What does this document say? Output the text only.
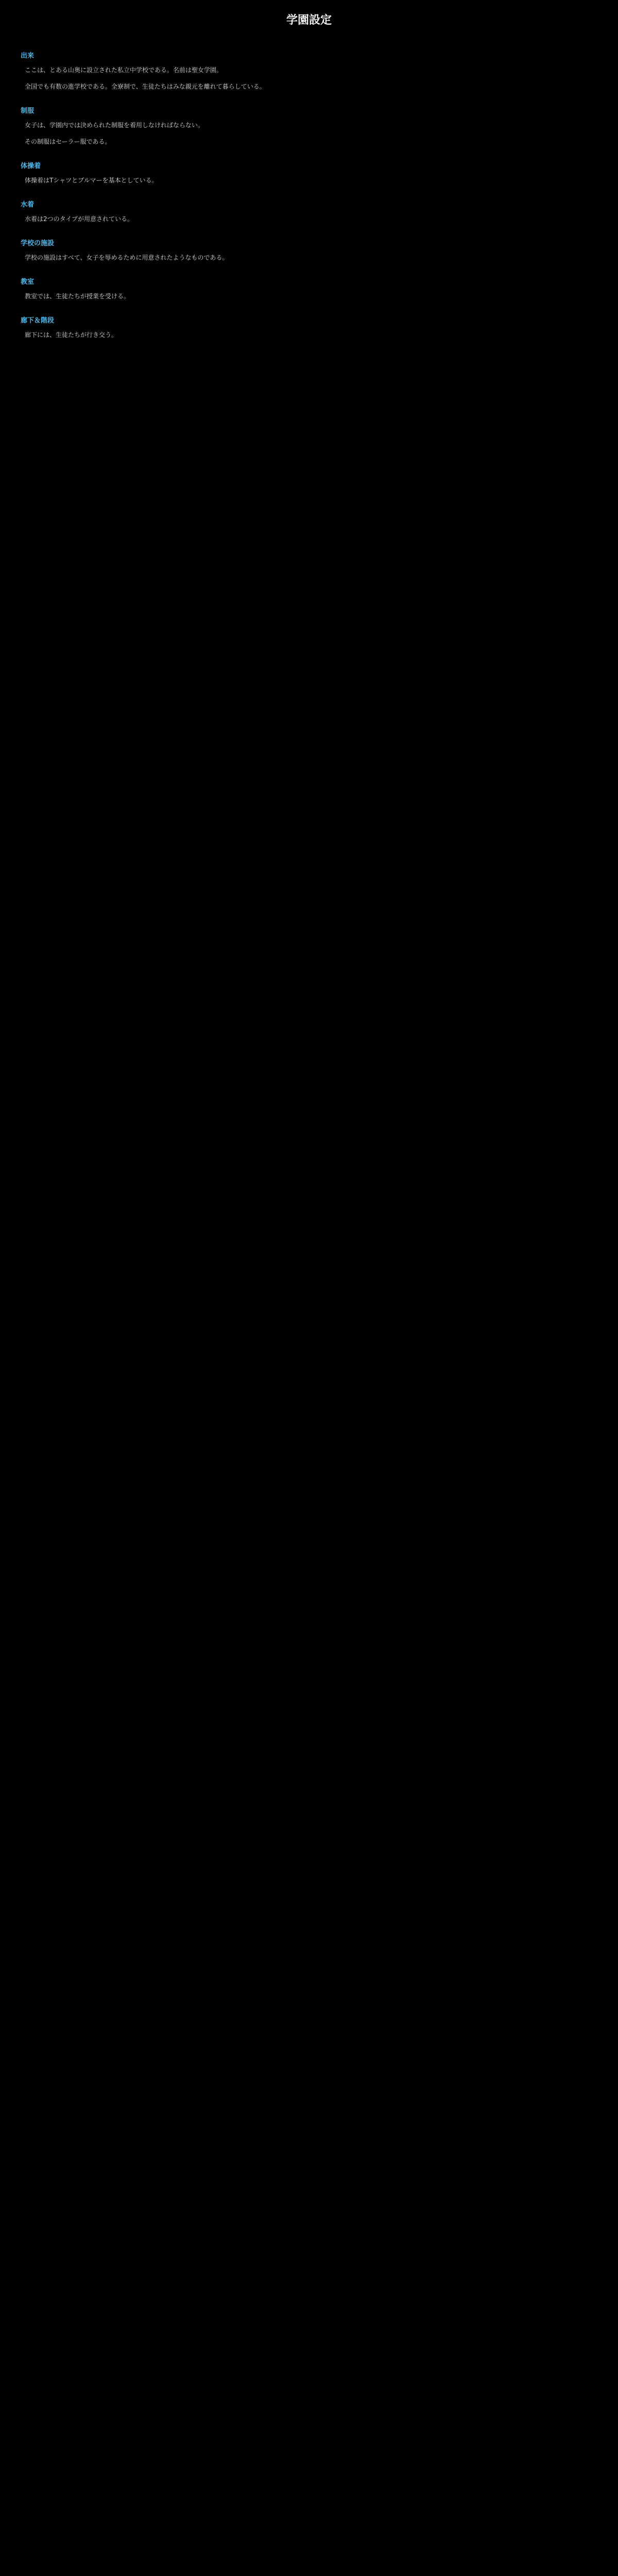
学園設定
出来

ここは、とある山奥に設立された私立中学校である。名前は聖女学園。

全国でも有数の進学校である。全寮制で、生徒たちはみな親元を離れて暮らしている。

制服

女子は、学園内では決められた制服を着用しなければならない。

その制服はセーラー服である。

体操着

体操着はTシャツとブルマーを基本としている。

水着

水着は2つのタイプが用意されている。

学校の施設

学校の施設はすべて、女子を辱めるために用意されたようなものである。

教室

教室では、生徒たちが授業を受ける。

廊下＆階段

廊下には、生徒たちが行き交う。
